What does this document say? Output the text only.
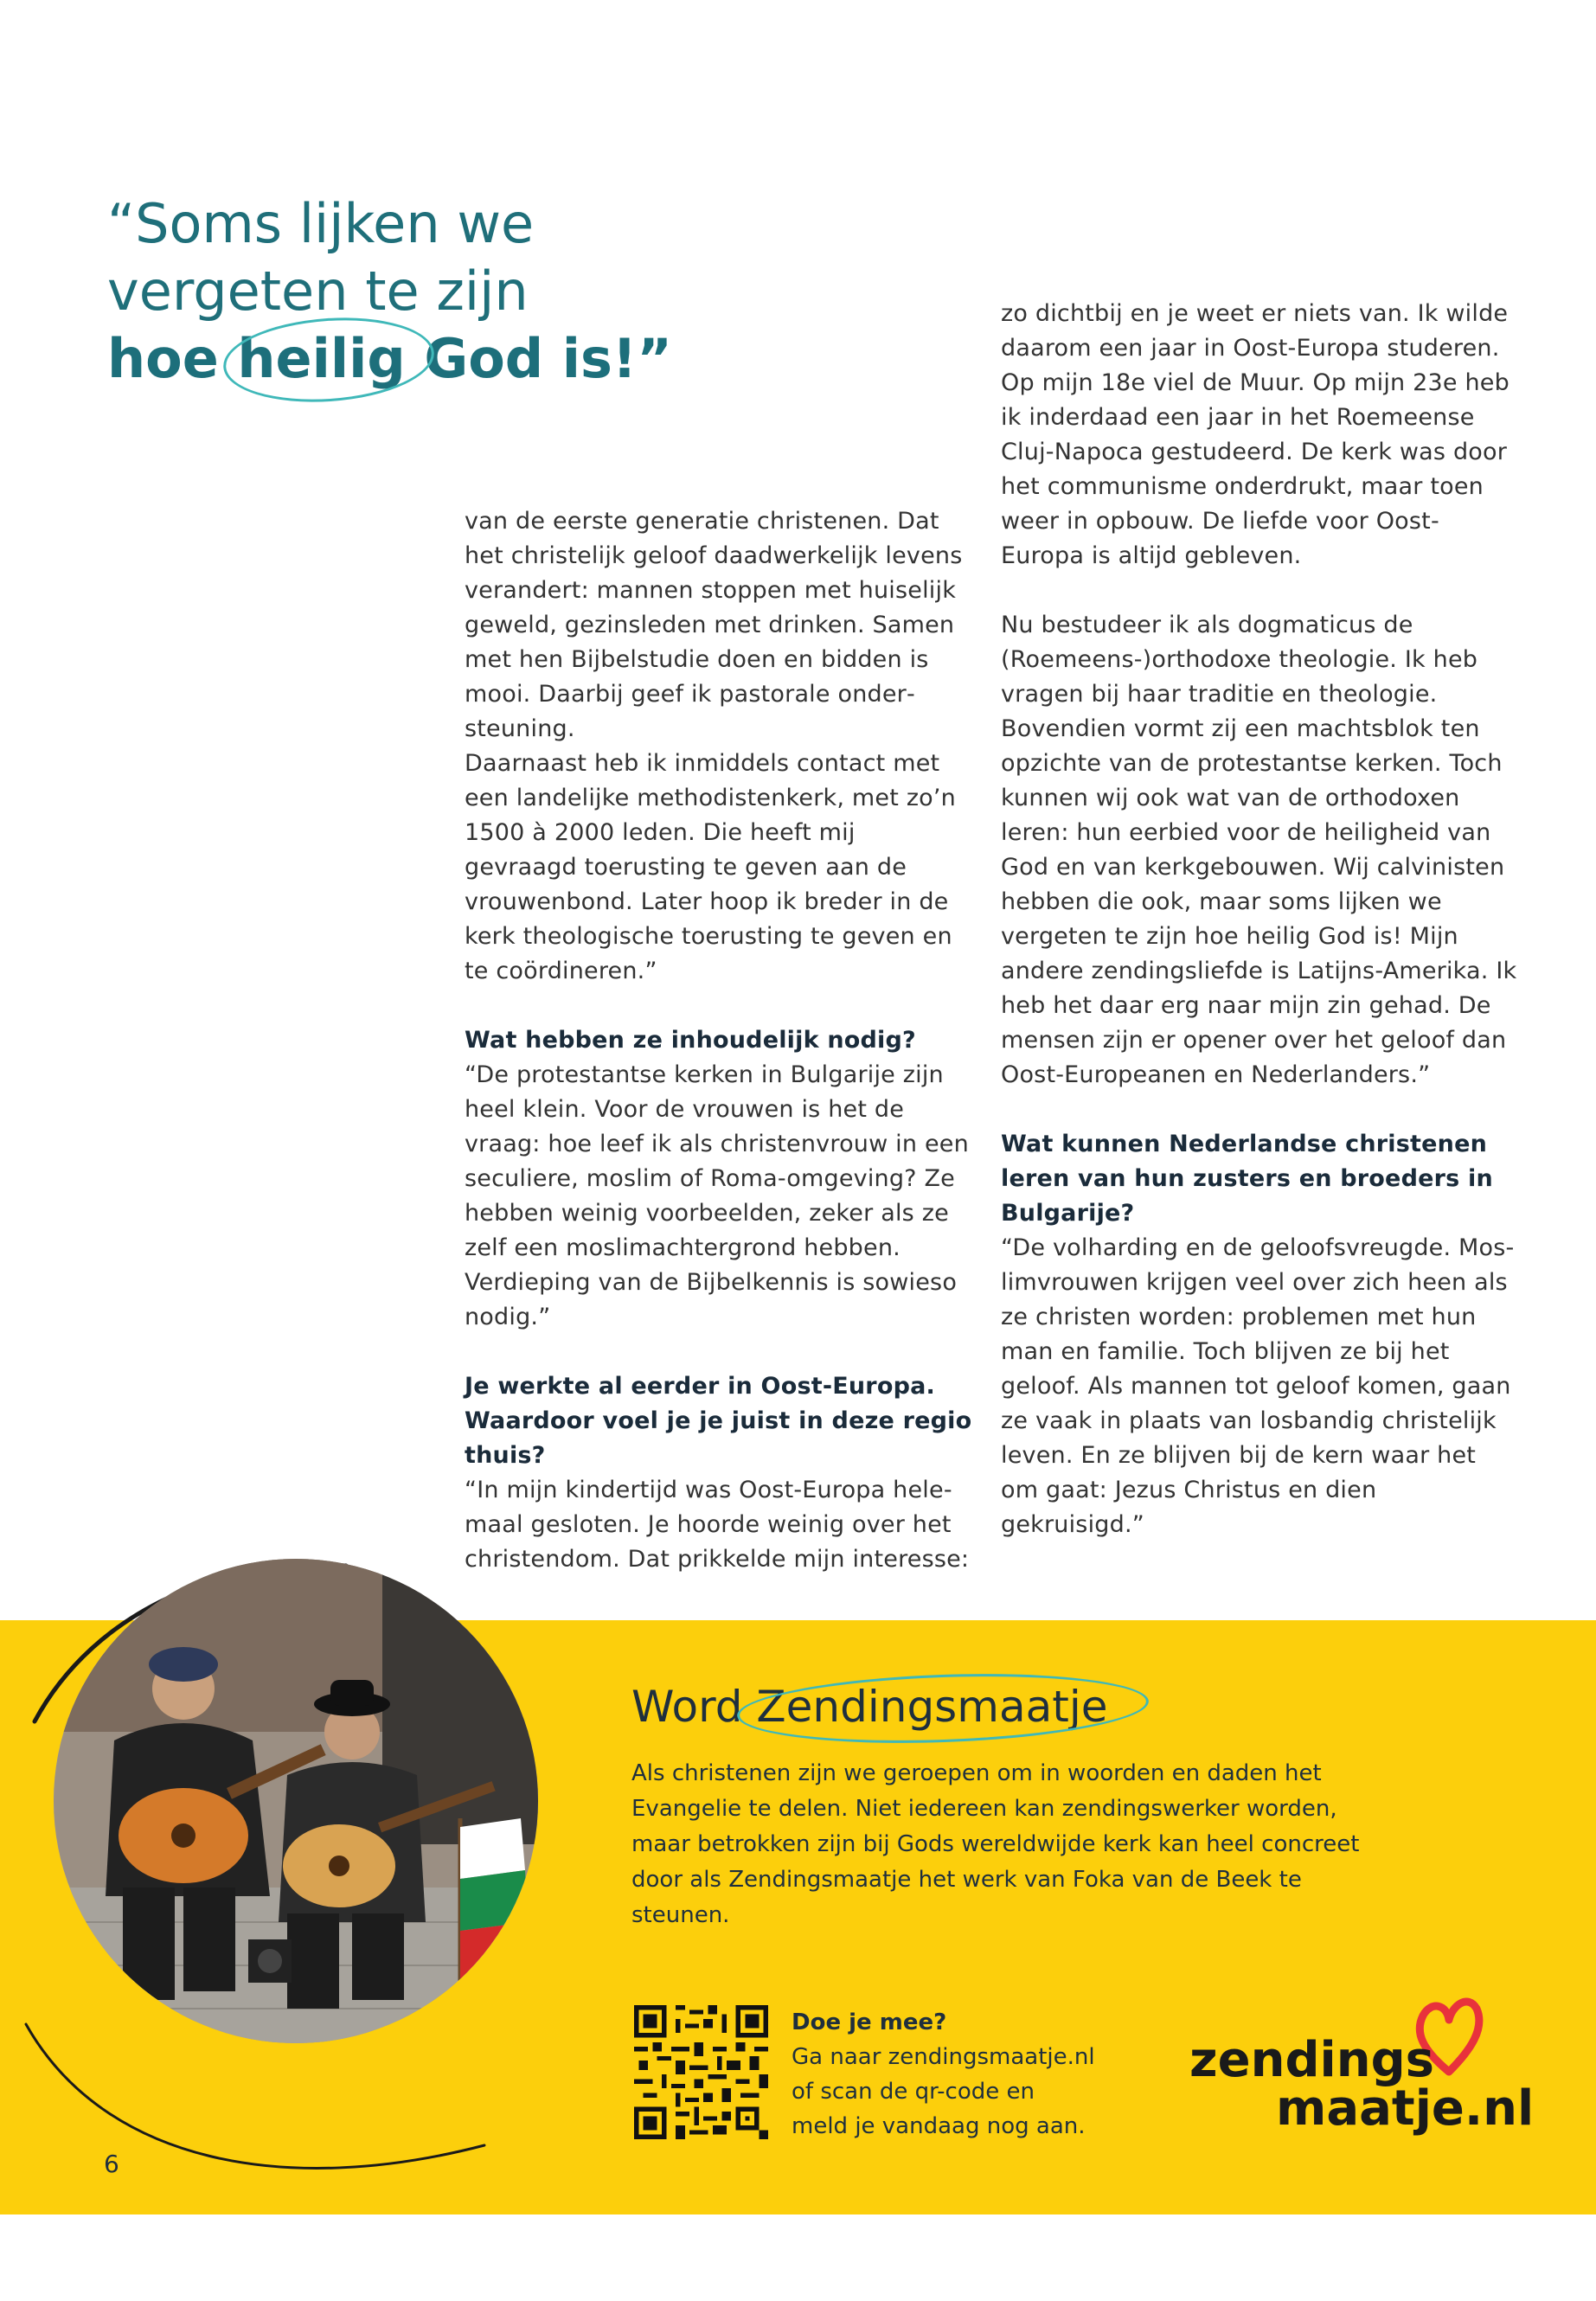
“Soms lijken we
vergeten te zijn
hoe heilig God is!”

van de eerste generatie christenen. Dat het christelijk geloof daadwerkelijk levens verandert: mannen stoppen met huiselijk geweld, gezinsleden met drinken. Samen met hen Bijbelstudie doen en bidden is mooi. Daarbij geef ik pastorale ondersteuning.

Daarnaast heb ik inmiddels contact met een landelijke methodistenkerk, met zo’n 1500 à 2000 leden. Die heeft mij gevraagd toerusting te geven aan de vrouwenbond. Later hoop ik breder in de kerk theologische toerusting te geven en te coördineren.”

Wat hebben ze inhoudelijk nodig?

“De protestantse kerken in Bulgarije zijn heel klein. Voor de vrouwen is het de vraag: hoe leef ik als christenvrouw in een seculiere, moslim of Roma-omgeving? Ze hebben weinig voorbeelden, zeker als ze zelf een moslimachtergrond hebben. Verdieping van de Bijbelkennis is sowieso nodig.”

Je werkte al eerder in Oost-Europa. Waardoor voel je je juist in deze regio thuis?

“In mijn kindertijd was Oost-Europa helemaal gesloten. Je hoorde weinig over het christendom. Dat prikkelde mijn interesse:

zo dichtbij en je weet er niets van. Ik wilde daarom een jaar in Oost-Europa studeren. Op mijn 18e viel de Muur. Op mijn 23e heb ik inderdaad een jaar in het Roemeense Cluj-Napoca gestudeerd. De kerk was door het communisme onderdrukt, maar toen weer in opbouw. De liefde voor Oost-Europa is altijd gebleven.

Nu bestudeer ik als dogmaticus de (Roemeens-)orthodoxe theologie. Ik heb vragen bij haar traditie en theologie. Bovendien vormt zij een machtsblok ten opzichte van de protestantse kerken. Toch kunnen wij ook wat van de orthodoxen leren: hun eerbied voor de heiligheid van God en van kerkgebouwen. Wij calvinisten hebben die ook, maar soms lijken we vergeten te zijn hoe heilig God is! Mijn andere zendingsliefde is Latijns-Amerika. Ik heb het daar erg naar mijn zin gehad. De mensen zijn er opener over het geloof dan Oost-Europeanen en Nederlanders.”

Wat kunnen Nederlandse christenen leren van hun zusters en broeders in Bulgarije?

“De volharding en de geloofsvreugde. Moslimvrouwen krijgen veel over zich heen als ze christen worden: problemen met hun man en familie. Toch blijven ze bij het geloof. Als mannen tot geloof komen, gaan ze vaak in plaats van losbandig christelijk leven. En ze blijven bij de kern waar het om gaat: Jezus Christus en dien gekruisigd.”

Word Zendingsmaatje

Als christenen zijn we geroepen om in woorden en daden het Evangelie te delen. Niet iedereen kan zendingswerker worden, maar betrokken zijn bij Gods wereldwijde kerk kan heel concreet door als Zendingsmaatje het werk van Foka van de Beek te steunen.

Doe je mee?
Ga naar zendingsmaatje.nl
of scan de qr-code en
meld je vandaag nog aan.
zendings
maatje.nl
6
